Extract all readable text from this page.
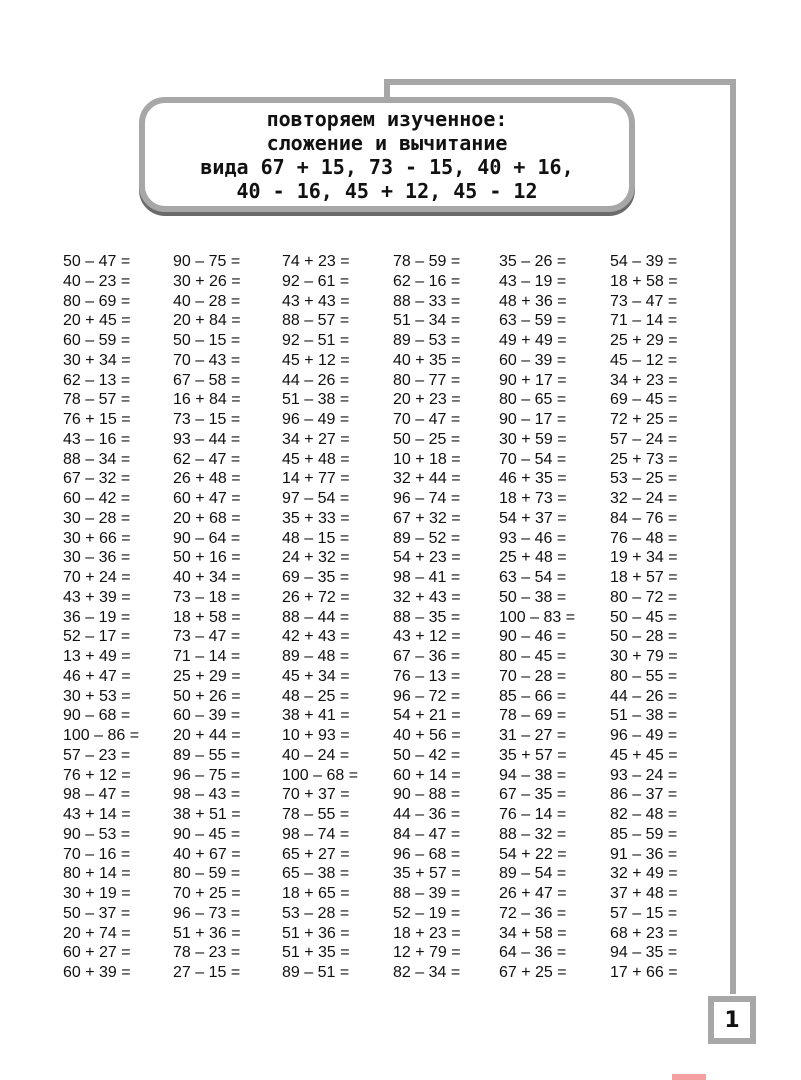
повторяем изученное:
сложение и вычитание
вида 67 + 15, 73 - 15, 40 + 16,
40 - 16, 45 + 12, 45 - 12
50 – 47 =
40 – 23 =
80 – 69 =
20 + 45 =
60 – 59 =
30 + 34 =
62 – 13 =
78 – 57 =
76 + 15 =
43 – 16 =
88 – 34 =
67 – 32 =
60 – 42 =
30 – 28 =
30 + 66 =
30 – 36 =
70 + 24 =
43 + 39 =
36 – 19 =
52 – 17 =
13 + 49 =
46 + 47 =
30 + 53 =
90 – 68 =
100 – 86 =
57 – 23 =
76 + 12 =
98 – 47 =
43 + 14 =
90 – 53 =
70 – 16 =
80 + 14 =
30 + 19 =
50 – 37 =
20 + 74 =
60 + 27 =
60 + 39 =
90 – 75 =
30 + 26 =
40 – 28 =
20 + 84 =
50 – 15 =
70 – 43 =
67 – 58 =
16 + 84 =
73 – 15 =
93 – 44 =
62 – 47 =
26 + 48 =
60 + 47 =
20 + 68 =
90 – 64 =
50 + 16 =
40 + 34 =
73 – 18 =
18 + 58 =
73 – 47 =
71 – 14 =
25 + 29 =
50 + 26 =
60 – 39 =
20 + 44 =
89 – 55 =
96 – 75 =
98 – 43 =
38 + 51 =
90 – 45 =
40 + 67 =
80 – 59 =
70 + 25 =
96 – 73 =
51 + 36 =
78 – 23 =
27 – 15 =
74 + 23 =
92 – 61 =
43 + 43 =
88 – 57 =
92 – 51 =
45 + 12 =
44 – 26 =
51 – 38 =
96 – 49 =
34 + 27 =
45 + 48 =
14 + 77 =
97 – 54 =
35 + 33 =
48 – 15 =
24 + 32 =
69 – 35 =
26 + 72 =
88 – 44 =
42 + 43 =
89 – 48 =
45 + 34 =
48 – 25 =
38 + 41 =
10 + 93 =
40 – 24 =
100 – 68 =
70 + 37 =
78 – 55 =
98 – 74 =
65 + 27 =
65 – 38 =
18 + 65 =
53 – 28 =
51 + 36 =
51 + 35 =
89 – 51 =
78 – 59 =
62 – 16 =
88 – 33 =
51 – 34 =
89 – 53 =
40 + 35 =
80 – 77 =
20 + 23 =
70 – 47 =
50 – 25 =
10 + 18 =
32 + 44 =
96 – 74 =
67 + 32 =
89 – 52 =
54 + 23 =
98 – 41 =
32 + 43 =
88 – 35 =
43 + 12 =
67 – 36 =
76 – 13 =
96 – 72 =
54 + 21 =
40 + 56 =
50 – 42 =
60 + 14 =
90 – 88 =
44 – 36 =
84 – 47 =
96 – 68 =
35 + 57 =
88 – 39 =
52 – 19 =
18 + 23 =
12 + 79 =
82 – 34 =
35 – 26 =
43 – 19 =
48 + 36 =
63 – 59 =
49 + 49 =
60 – 39 =
90 + 17 =
80 – 65 =
90 – 17 =
30 + 59 =
70 – 54 =
46 + 35 =
18 + 73 =
54 + 37 =
93 – 46 =
25 + 48 =
63 – 54 =
50 – 38 =
100 – 83 =
90 – 46 =
80 – 45 =
70 – 28 =
85 – 66 =
78 – 69 =
31 – 27 =
35 + 57 =
94 – 38 =
67 – 35 =
76 – 14 =
88 – 32 =
54 + 22 =
89 – 54 =
26 + 47 =
72 – 36 =
34 + 58 =
64 – 36 =
67 + 25 =
54 – 39 =
18 + 58 =
73 – 47 =
71 – 14 =
25 + 29 =
45 – 12 =
34 + 23 =
69 – 45 =
72 + 25 =
57 – 24 =
25 + 73 =
53 – 25 =
32 – 24 =
84 – 76 =
76 – 48 =
19 + 34 =
18 + 57 =
80 – 72 =
50 – 45 =
50 – 28 =
30 + 79 =
80 – 55 =
44 – 26 =
51 – 38 =
96 – 49 =
45 + 45 =
93 – 24 =
86 – 37 =
82 – 48 =
85 – 59 =
91 – 36 =
32 + 49 =
37 + 48 =
57 – 15 =
68 + 23 =
94 – 35 =
17 + 66 =
1
